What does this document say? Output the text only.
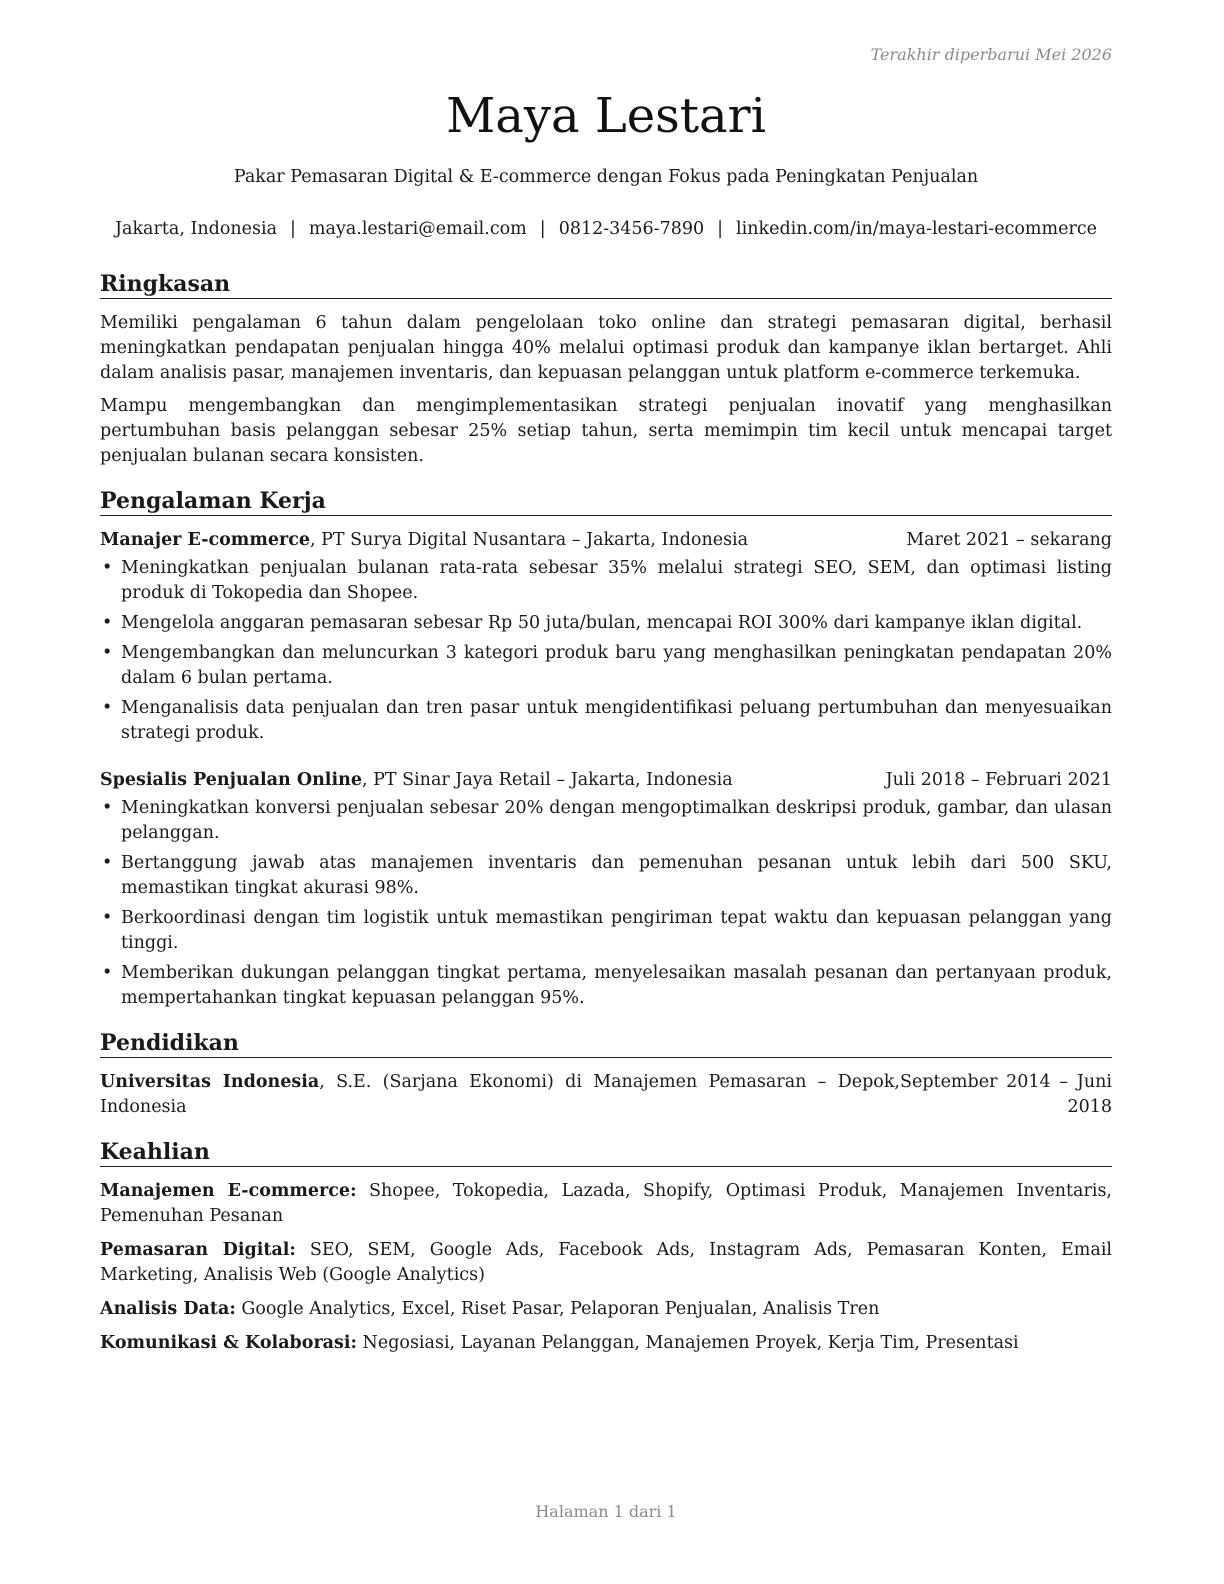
Terakhir diperbarui Mei 2026
Maya Lestari
Pakar Pemasaran Digital & E-commerce dengan Fokus pada Peningkatan Penjualan
Jakarta, Indonesia | maya.lestari@email.com | 0812-3456-7890 | linkedin.com/in/maya-lestari-ecommerce
Ringkasan

Memiliki pengalaman 6 tahun dalam pengelolaan toko online dan strategi pemasaran digital, berhasil meningkatkan pendapatan penjualan hingga 40% melalui optimasi produk dan kampanye iklan bertarget. Ahli dalam analisis pasar, manajemen inventaris, dan kepuasan pelanggan untuk platform e-commerce terkemuka.

Mampu mengembangkan dan mengimplementasikan strategi penjualan inovatif yang menghasilkan pertumbuhan basis pelanggan sebesar 25% setiap tahun, serta memimpin tim kecil untuk mencapai target penjualan bulanan secara konsisten.

Pengalaman Kerja
Manajer E-commerce, PT Surya Digital Nusantara – Jakarta, Indonesia	Maret 2021 – sekarang
• Meningkatkan penjualan bulanan rata-rata sebesar 35% melalui strategi SEO, SEM, dan optimasi listing produk di Tokopedia dan Shopee.
• Mengelola anggaran pemasaran sebesar Rp 50 juta/bulan, mencapai ROI 300% dari kampanye iklan digital.
• Mengembangkan dan meluncurkan 3 kategori produk baru yang menghasilkan peningkatan pendapatan 20% dalam 6 bulan pertama.
• Menganalisis data penjualan dan tren pasar untuk mengidentifikasi peluang pertumbuhan dan menyesuaikan strategi produk.
Spesialis Penjualan Online, PT Sinar Jaya Retail – Jakarta, Indonesia	Juli 2018 – Februari 2021
• Meningkatkan konversi penjualan sebesar 20% dengan mengoptimalkan deskripsi produk, gambar, dan ulasan pelanggan.
• Bertanggung jawab atas manajemen inventaris dan pemenuhan pesanan untuk lebih dari 500 SKU, memastikan tingkat akurasi 98%.
• Berkoordinasi dengan tim logistik untuk memastikan pengiriman tepat waktu dan kepuasan pelanggan yang tinggi.
• Memberikan dukungan pelanggan tingkat pertama, menyelesaikan masalah pesanan dan pertanyaan produk, mempertahankan tingkat kepuasan pelanggan 95%.
Pendidikan
Universitas Indonesia, S.E. (Sarjana Ekonomi) di Manajemen Pemasaran – Depok, Indonesia
September 2014 – Juni 2018
Keahlian
Manajemen E-commerce: Shopee, Tokopedia, Lazada, Shopify, Optimasi Produk, Manajemen Inventaris, Pemenuhan Pesanan
Pemasaran Digital: SEO, SEM, Google Ads, Facebook Ads, Instagram Ads, Pemasaran Konten, Email Marketing, Analisis Web (Google Analytics)
Analisis Data: Google Analytics, Excel, Riset Pasar, Pelaporan Penjualan, Analisis Tren
Komunikasi & Kolaborasi: Negosiasi, Layanan Pelanggan, Manajemen Proyek, Kerja Tim, Presentasi
Halaman 1 dari 1
